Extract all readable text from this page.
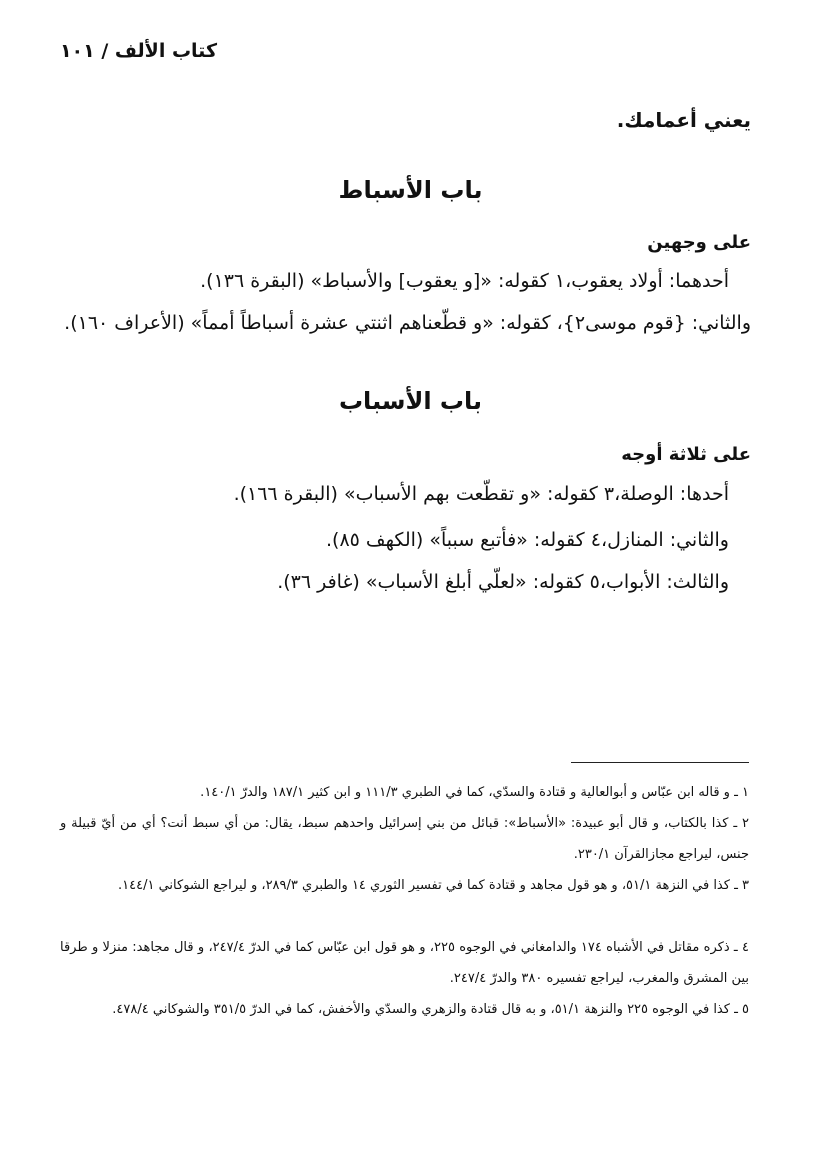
كتاب الألف / ١٠١
يعني أعمامك.
باب الأسباط
على وجهين
أحدهما: أولاد يعقوب،١ كقوله: «[و يعقوب] والأسباط» (البقرة ١٣٦).
والثاني: {قوم موسى٢}، كقوله: «و قطّعناهم اثنتي عشرة أسباطاً أمماً» (الأعراف ١٦٠).
باب الأسباب
على ثلاثة أوجه
أحدها: الوصلة،٣ كقوله: «و تقطّعت بهم الأسباب» (البقرة ١٦٦).
والثاني: المنازل،٤ كقوله: «فأتبع سبباً» (الكهف ٨٥).
والثالث: الأبواب،٥ كقوله: «لعلّي أبلغ الأسباب» (غافر ٣٦).
١ ـ و قاله ابن عبّاس و أبوالعالية و قتادة والسدّي، كما في الطبري ١١١/٣ و ابن كثير ١٨٧/١ والدرّ ١٤٠/١.
٢ ـ كذا بالكتاب، و قال أبو عبيدة: «الأسباط»: قبائل من بني إسرائيل واحدهم سبط، يقال: من أي سبط أنت؟ أي من أيّ قبيلة و جنس، ليراجع مجازالقرآن ٢٣٠/١.
٣ ـ كذا في النزهة ٥١/١، و هو قول مجاهد و قتادة كما في تفسير الثوري ١٤ والطبري ٢٨٩/٣، و ليراجع الشوكاني ١٤٤/١.
٤ ـ ذكره مقاتل في الأشباه ١٧٤ والدامغاني في الوجوه ٢٢٥، و هو قول ابن عبّاس كما في الدرّ ٢٤٧/٤، و قال مجاهد: منزلا و طرقا بين المشرق والمغرب، ليراجع تفسيره ٣٨٠ والدرّ ٢٤٧/٤.
٥ ـ كذا في الوجوه ٢٢٥ والنزهة ٥١/١، و به قال قتادة والزهري والسدّي والأخفش، كما في الدرّ ٣٥١/٥ والشوكاني ٤٧٨/٤.
